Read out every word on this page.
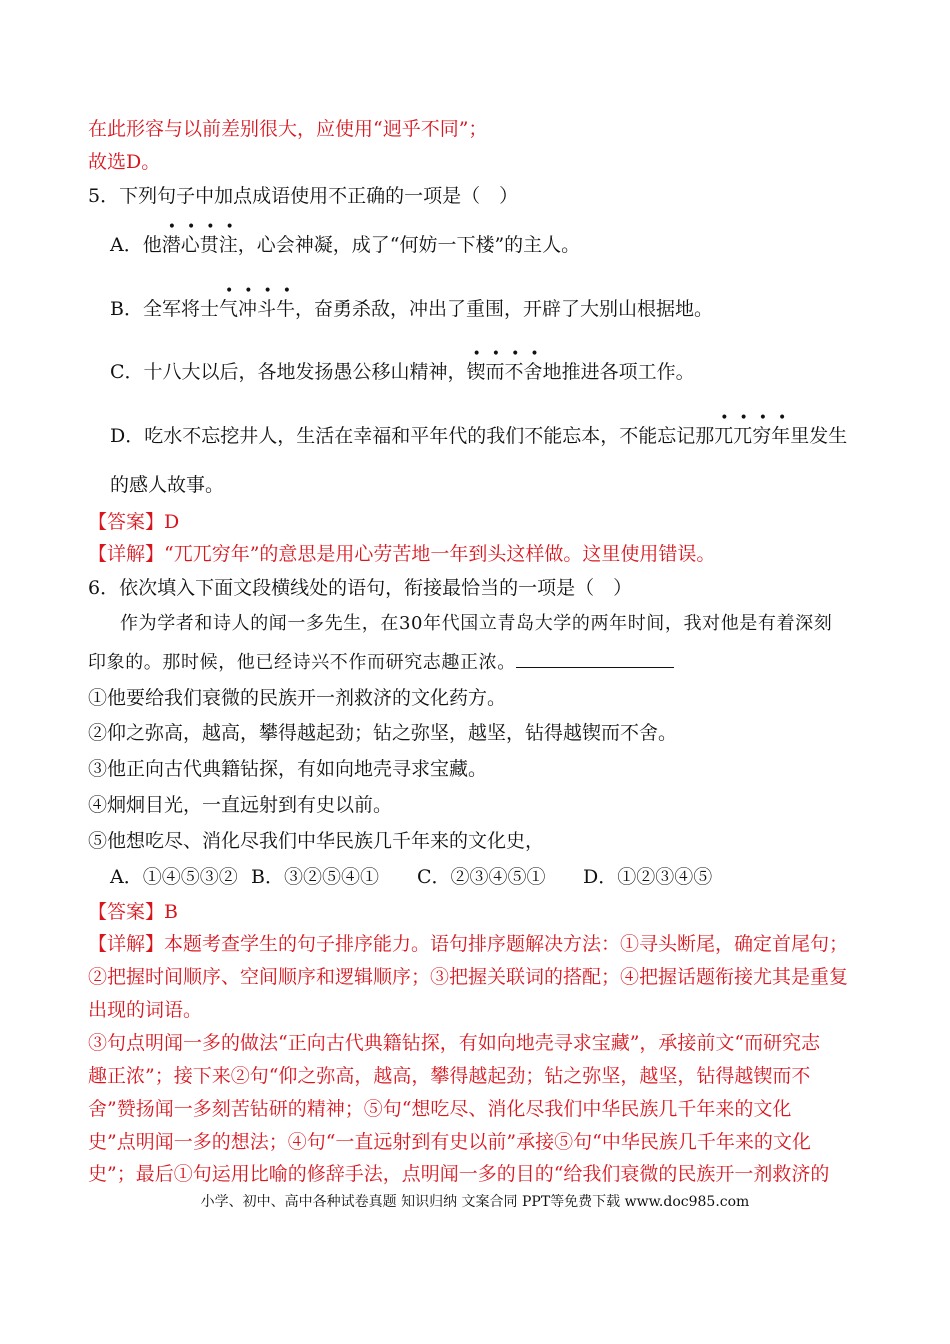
在此形容与以前差别很大，应使用“迥乎不同”；
故选D。
5．下列句子中加点成语使用不正确的一项是（　）
A．他
••••
潜心贯注，心会神凝，成了“何妨一下楼”的主人。
B．全军将士
••••
气冲斗牛，奋勇杀敌，冲出了重围，开辟了大别山根据地。
C．十八大以后，各地发扬愚公移山精神，
••••
锲而不舍地推进各项工作。
D．吃水不忘挖井人，生活在幸福和平年代的我们不能忘本，不能忘记那
••••
兀兀穷年里发生
的感人故事。
【答案】D
【详解】“兀兀穷年”的意思是用心劳苦地一年到头这样做。这里使用错误。
6．依次填入下面文段横线处的语句，衔接最恰当的一项是（　）
作为学者和诗人的闻一多先生，在30年代国立青岛大学的两年时间，我对他是有着深刻
印象的。那时候，他已经诗兴不作而研究志趣正浓。
①他要给我们衰微的民族开一剂救济的文化药方。
②仰之弥高，越高，攀得越起劲；钻之弥坚，越坚，钻得越锲而不舍。
③他正向古代典籍钻探，有如向地壳寻求宝藏。
④炯炯目光，一直远射到有史以前。
⑤他想吃尽、消化尽我们中华民族几千年来的文化史，
A．①④⑤③② B．③②⑤④① C．②③④⑤① D．①②③④⑤
【答案】B
【详解】本题考查学生的句子排序能力。语句排序题解决方法：①寻头断尾，确定首尾句；
②把握时间顺序、空间顺序和逻辑顺序；③把握关联词的搭配；④把握话题衔接尤其是重复
出现的词语。
③句点明闻一多的做法“正向古代典籍钻探，有如向地壳寻求宝藏”，承接前文“而研究志
趣正浓”；接下来②句“仰之弥高，越高，攀得越起劲；钻之弥坚，越坚，钻得越锲而不
舍”赞扬闻一多刻苦钻研的精神；⑤句“想吃尽、消化尽我们中华民族几千年来的文化
史”点明闻一多的想法；④句“一直远射到有史以前”承接⑤句“中华民族几千年来的文化
史”；最后①句运用比喻的修辞手法，点明闻一多的目的“给我们衰微的民族开一剂救济的
小学、初中、高中各种试卷真题 知识归纳 文案合同 PPT等免费下载 www.doc985.com
